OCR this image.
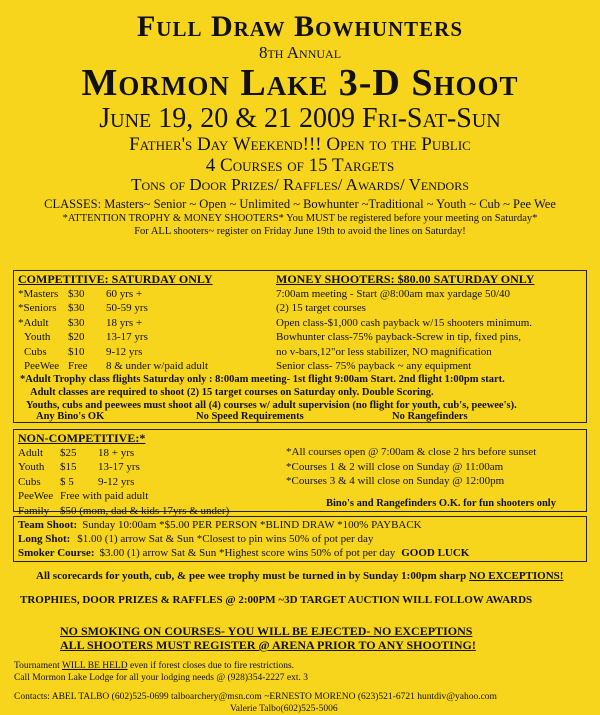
Full Draw Bowhunters
8th Annual
Mormon Lake 3-D Shoot
June 19, 20 & 21 2009 Fri-Sat-Sun
Father's Day Weekend!!! Open to the Public
4 Courses of 15 Targets
Tons of Door Prizes/ Raffles/ Awards/ Vendors
CLASSES: Masters~ Senior ~ Open ~ Unlimited ~ Bowhunter ~Traditional ~ Youth ~ Cub ~ Pee Wee
*ATTENTION TROPHY & MONEY SHOOTERS* You MUST be registered before your meeting on Saturday*
For ALL shooters~ register on Friday June 19th to avoid the lines on Saturday!
COMPETITIVE: SATURDAY ONLY
*Masters $30	60 yrs +
*Seniors	$30	50-59 yrs
*Adult	$30	18 yrs +
Youth	$20	13-17 yrs
Cubs	$10	9-12 yrs
PeeWee Free	8 & under w/paid adult
MONEY SHOOTERS: $80.00 SATURDAY ONLY
7:00am meeting - Start @8:00am max yardage 50/40
(2) 15 target courses
Open class-$1,000 cash payback w/15 shooters minimum.
Bowhunter class-75% payback-Screw in tip, fixed pins,
no v-bars,12"or less stabilizer, NO magnification
Senior class- 75% payback ~ any equipment
*Adult Trophy class flights Saturday only : 8:00am meeting- 1st flight 9:00am Start. 2nd flight 1:00pm start.
Adult classes are required to shoot (2) 15 target courses on Saturday only. Double Scoring.
Youths, cubs and peewees must shoot all (4) courses w/ adult supervision (no flight for youth, cub's, peewee's).
Any Bino's OK	No Speed Requirements	No Rangefinders
NON-COMPETITIVE:*
Adult	$25	18 + yrs
Youth	$15	13-17 yrs
Cubs	$ 5	9-12 yrs
PeeWee Free with paid adult
Family $50 (mom, dad & kids 17yrs & under)
*All courses open @ 7:00am & close 2 hrs before sunset
*Courses 1 & 2 will close on Sunday @ 11:00am
*Courses 3 & 4 will close on Sunday @ 12:00pm
Bino's and Rangefinders O.K. for fun shooters only
Team Shoot: Sunday 10:00am *$5.00 PER PERSON *BLIND DRAW *100% PAYBACK
Long Shot: $1.00 (1) arrow Sat & Sun *Closest to pin wins 50% of pot per day
Smoker Course: $3.00 (1) arrow Sat & Sun *Highest score wins 50% of pot per day GOOD LUCK
All scorecards for youth, cub, & pee wee trophy must be turned in by Sunday 1:00pm sharp NO EXCEPTIONS!
TROPHIES, DOOR PRIZES & RAFFLES @ 2:00PM ~3D TARGET AUCTION WILL FOLLOW AWARDS
NO SMOKING ON COURSES- YOU WILL BE EJECTED- NO EXCEPTIONS
ALL SHOOTERS MUST REGISTER @ ARENA PRIOR TO ANY SHOOTING!
Tournament WILL BE HELD even if forest closes due to fire restrictions.
Call Mormon Lake Lodge for all your lodging needs @ (928)354-2227 ext. 3
Contacts: ABEL TALBO (602)525-0699 talboarchery@msn.com ~ERNESTO MORENO (623)521-6721 huntdiv@yahoo.com
Valerie Talbo(602)525-5006
